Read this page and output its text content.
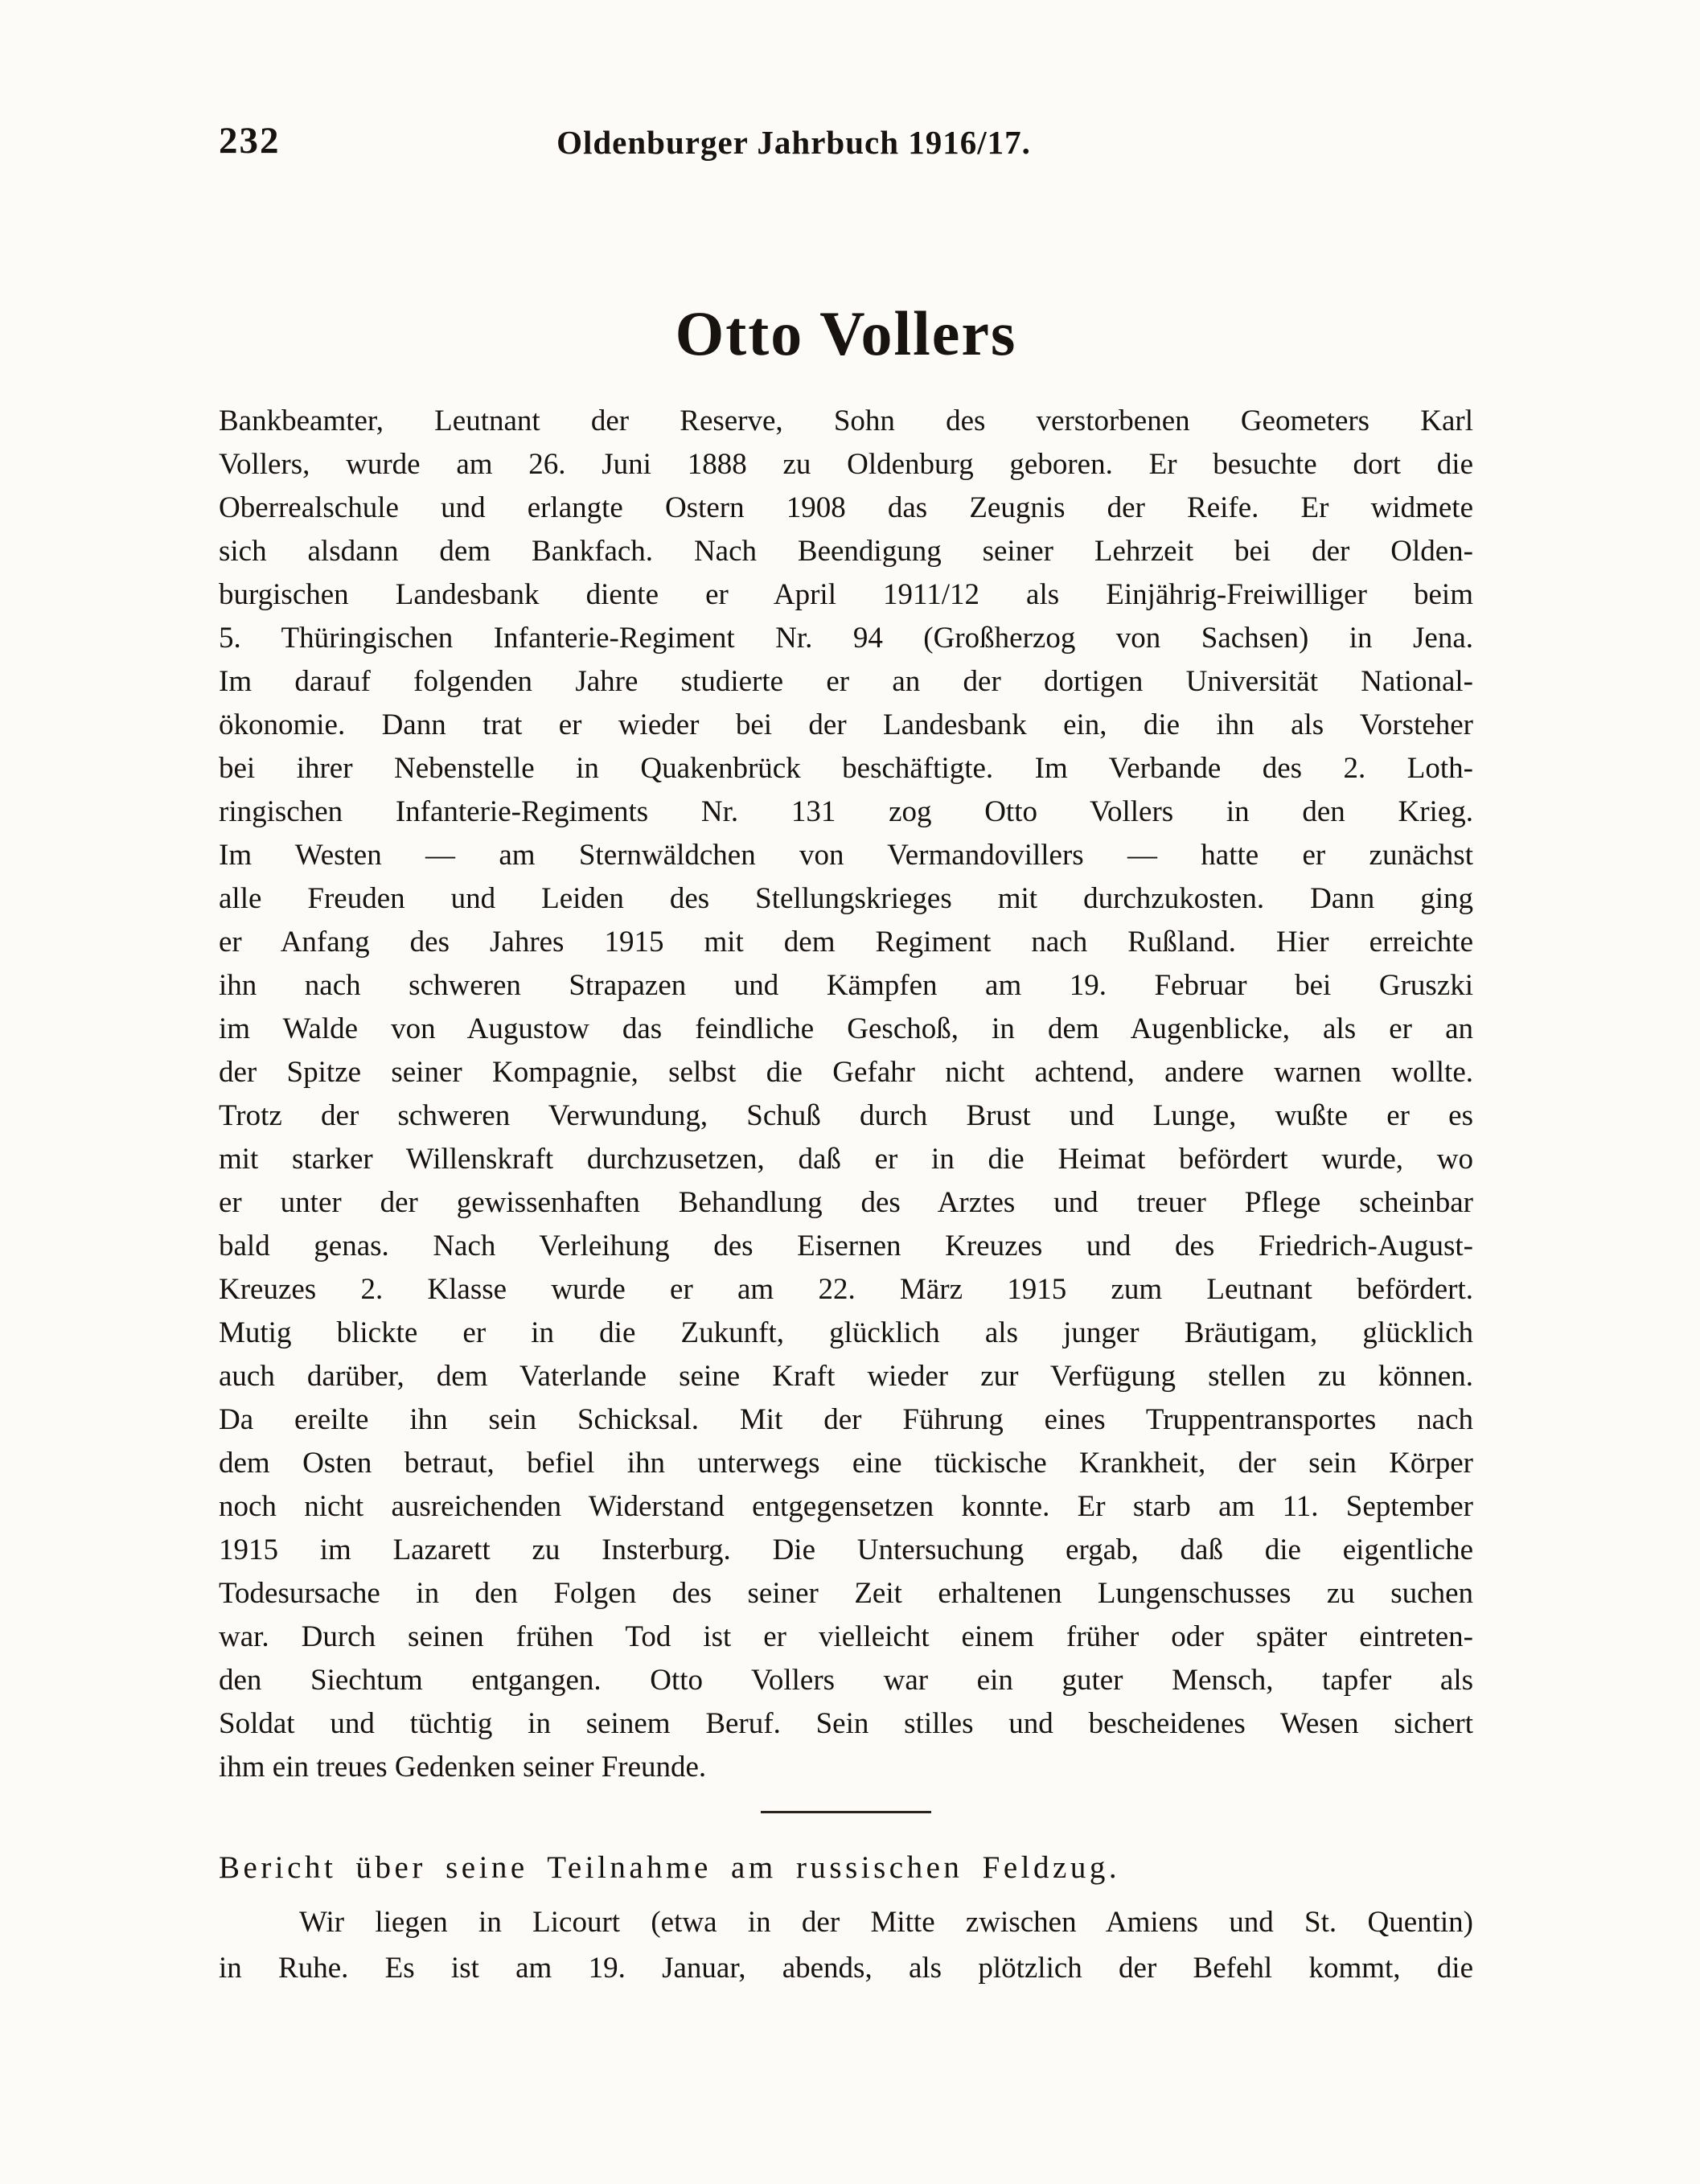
232	Oldenburger Jahrbuch 1916/17.
Otto Vollers
Bankbeamter, Leutnant der Reserve, Sohn des verstorbenen Geometers Karl
Vollers, wurde am 26. Juni 1888 zu Oldenburg geboren. Er besuchte dort die
Oberrealschule und erlangte Ostern 1908 das Zeugnis der Reife. Er widmete
sich alsdann dem Bankfach. Nach Beendigung seiner Lehrzeit bei der Olden-
burgischen Landesbank diente er April 1911/12 als Einjährig-Freiwilliger beim
5. Thüringischen Infanterie-Regiment Nr. 94 (Großherzog von Sachsen) in Jena.
Im darauf folgenden Jahre studierte er an der dortigen Universität National-
ökonomie. Dann trat er wieder bei der Landesbank ein, die ihn als Vorsteher
bei ihrer Nebenstelle in Quakenbrück beschäftigte. Im Verbande des 2. Loth-
ringischen Infanterie-Regiments Nr. 131 zog Otto Vollers in den Krieg.
Im Westen — am Sternwäldchen von Vermandovillers — hatte er zunächst
alle Freuden und Leiden des Stellungskrieges mit durchzukosten. Dann ging
er Anfang des Jahres 1915 mit dem Regiment nach Rußland. Hier erreichte
ihn nach schweren Strapazen und Kämpfen am 19. Februar bei Gruszki
im Walde von Augustow das feindliche Geschoß, in dem Augenblicke, als er an
der Spitze seiner Kompagnie, selbst die Gefahr nicht achtend, andere warnen wollte.
Trotz der schweren Verwundung, Schuß durch Brust und Lunge, wußte er es
mit starker Willenskraft durchzusetzen, daß er in die Heimat befördert wurde, wo
er unter der gewissenhaften Behandlung des Arztes und treuer Pflege scheinbar
bald genas. Nach Verleihung des Eisernen Kreuzes und des Friedrich-August-
Kreuzes 2. Klasse wurde er am 22. März 1915 zum Leutnant befördert.
Mutig blickte er in die Zukunft, glücklich als junger Bräutigam, glücklich
auch darüber, dem Vaterlande seine Kraft wieder zur Verfügung stellen zu können.
Da ereilte ihn sein Schicksal. Mit der Führung eines Truppentransportes nach
dem Osten betraut, befiel ihn unterwegs eine tückische Krankheit, der sein Körper
noch nicht ausreichenden Widerstand entgegensetzen konnte. Er starb am 11. September
1915 im Lazarett zu Insterburg. Die Untersuchung ergab, daß die eigentliche
Todesursache in den Folgen des seiner Zeit erhaltenen Lungenschusses zu suchen
war. Durch seinen frühen Tod ist er vielleicht einem früher oder später eintreten-
den Siechtum entgangen. Otto Vollers war ein guter Mensch, tapfer als
Soldat und tüchtig in seinem Beruf. Sein stilles und bescheidenes Wesen sichert
ihm ein treues Gedenken seiner Freunde.
Bericht über seine Teilnahme am russischen Feldzug.
Wir liegen in Licourt (etwa in der Mitte zwischen Amiens und St. Quentin)
in Ruhe. Es ist am 19. Januar, abends, als plötzlich der Befehl kommt, die
